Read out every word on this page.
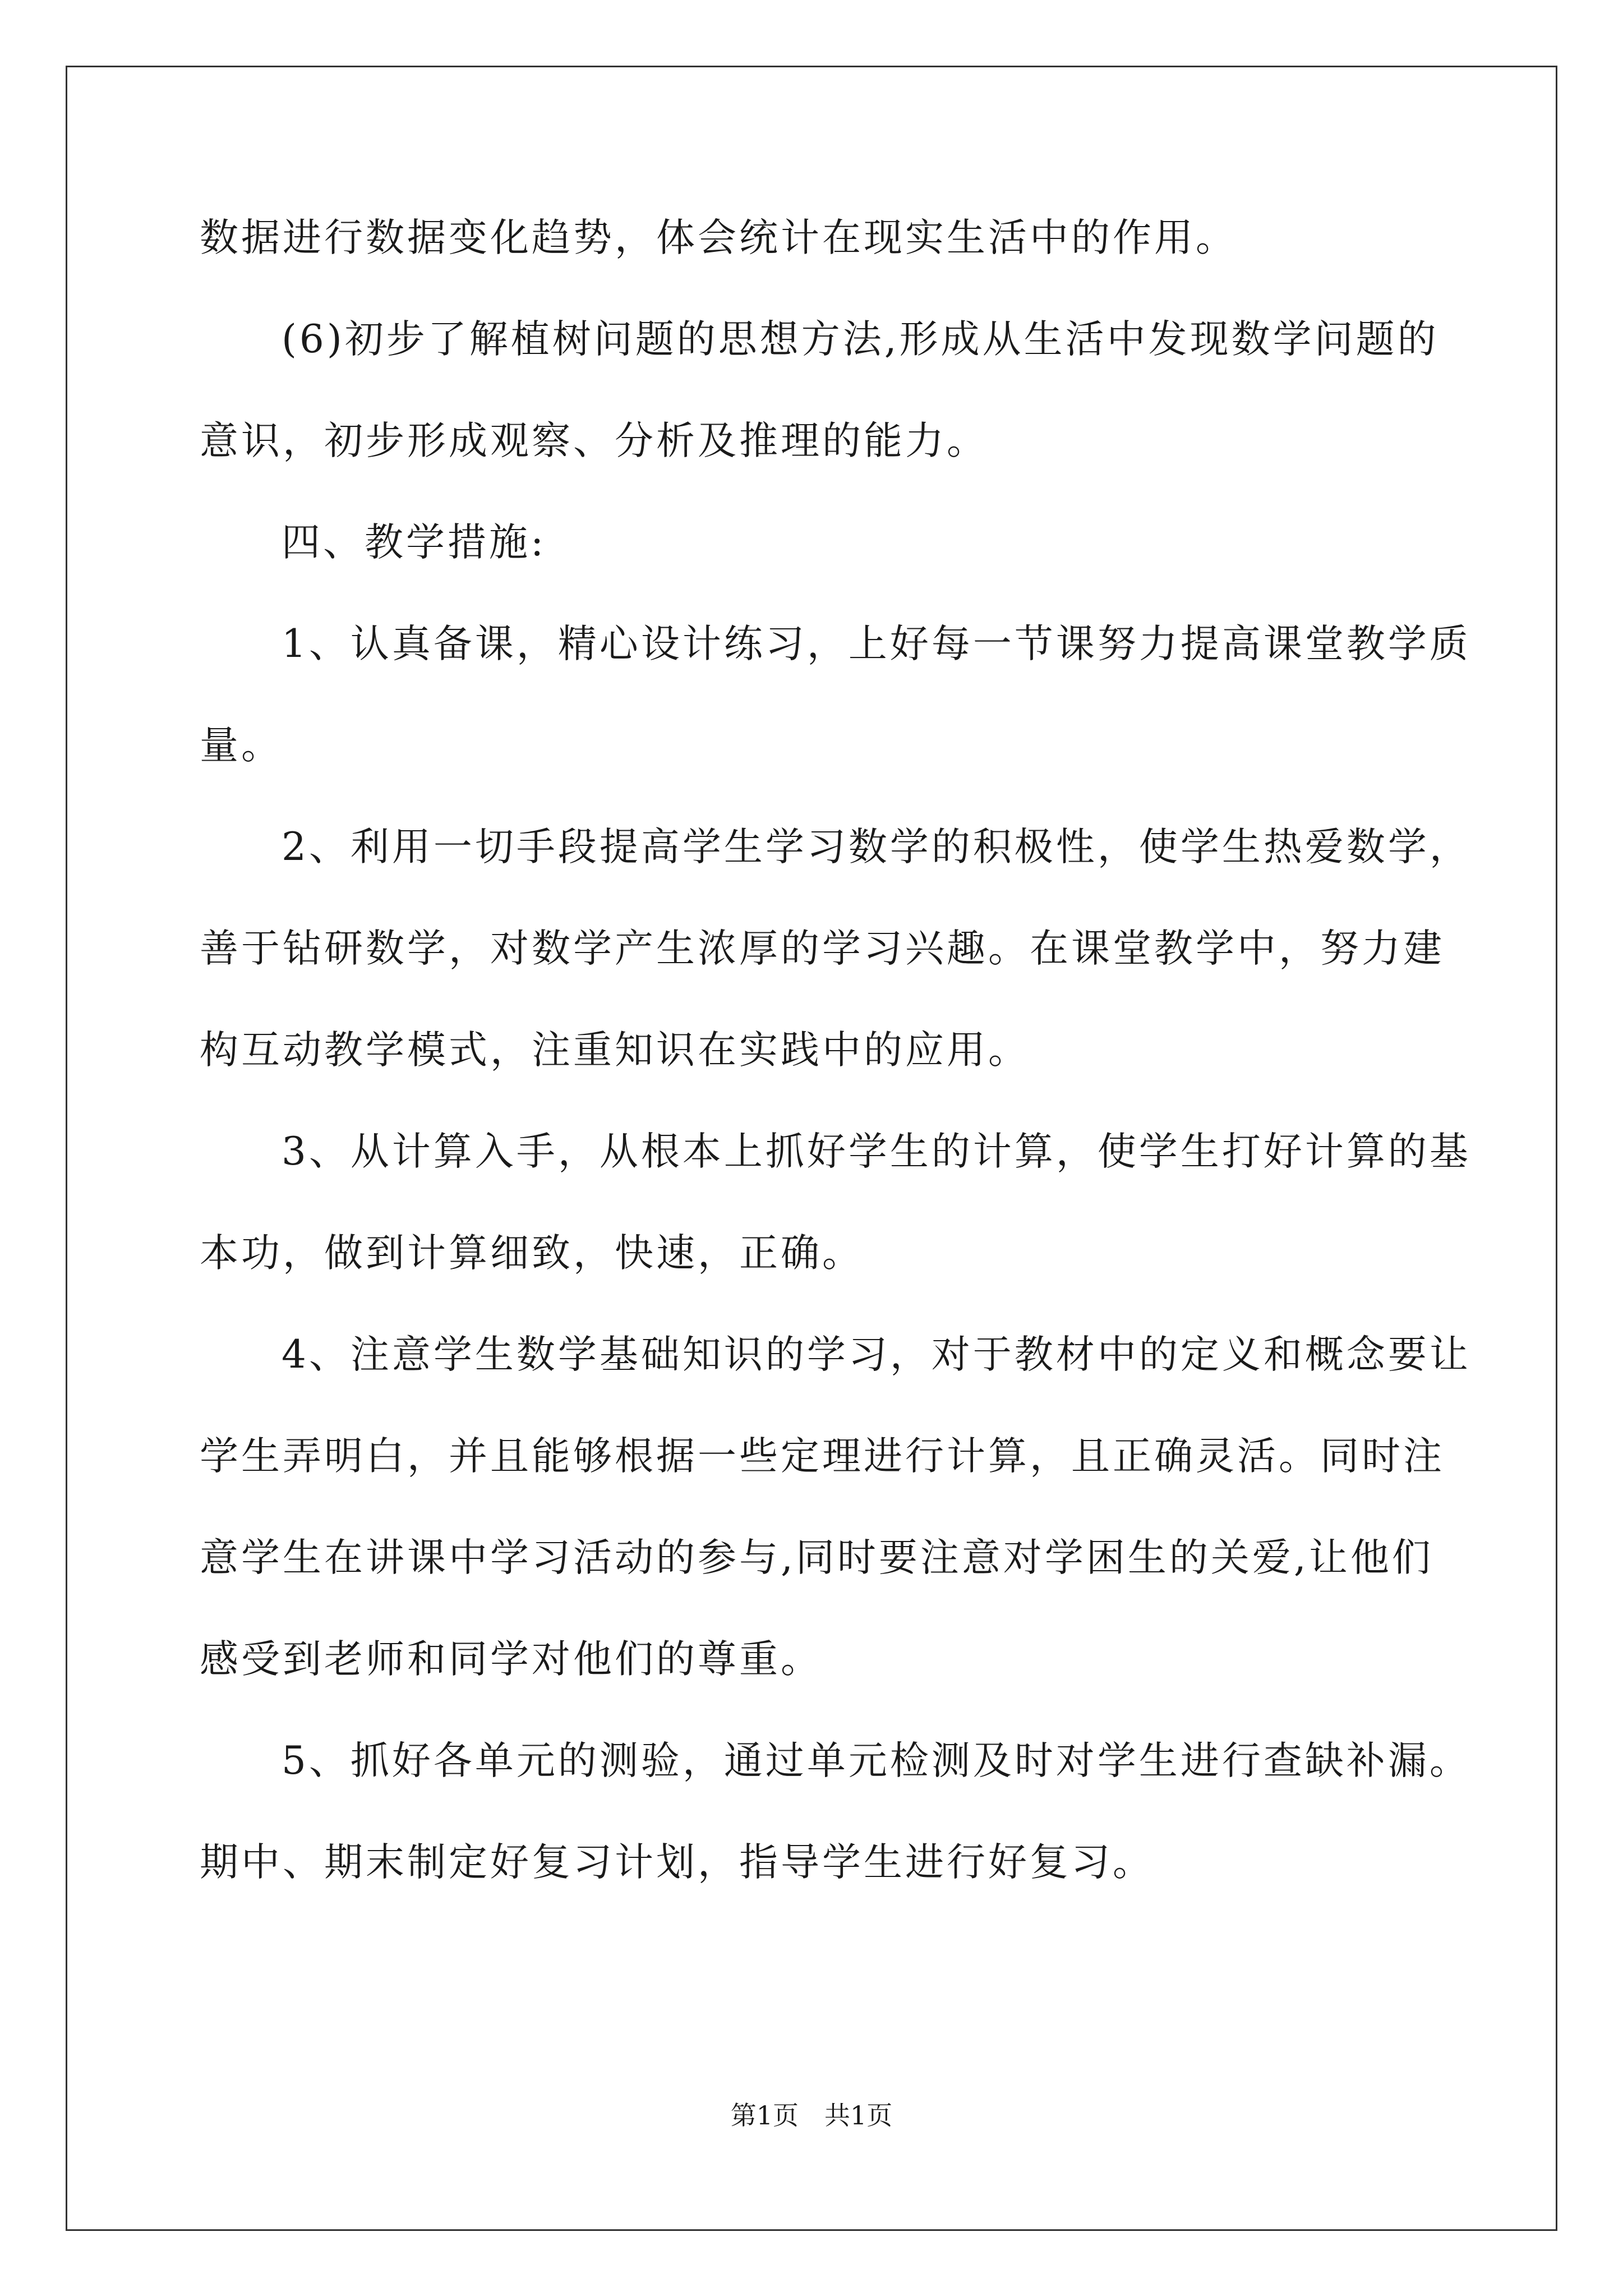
数据进行数据变化趋势，体会统计在现实生活中的作用。
(6)初步了解植树问题的思想方法,形成从生活中发现数学问题的
意识，初步形成观察、分析及推理的能力。
四、教学措施:
1、认真备课，精心设计练习，上好每一节课努力提高课堂教学质
量。
2、利用一切手段提高学生学习数学的积极性，使学生热爱数学，
善于钻研数学，对数学产生浓厚的学习兴趣。在课堂教学中，努力建
构互动教学模式，注重知识在实践中的应用。
3、从计算入手，从根本上抓好学生的计算，使学生打好计算的基
本功，做到计算细致，快速，正确。
4、注意学生数学基础知识的学习，对于教材中的定义和概念要让
学生弄明白，并且能够根据一些定理进行计算，且正确灵活。同时注
意学生在讲课中学习活动的参与,同时要注意对学困生的关爱,让他们
感受到老师和同学对他们的尊重。
5、抓好各单元的测验，通过单元检测及时对学生进行查缺补漏。
期中、期末制定好复习计划，指导学生进行好复习。
第1页　共1页
